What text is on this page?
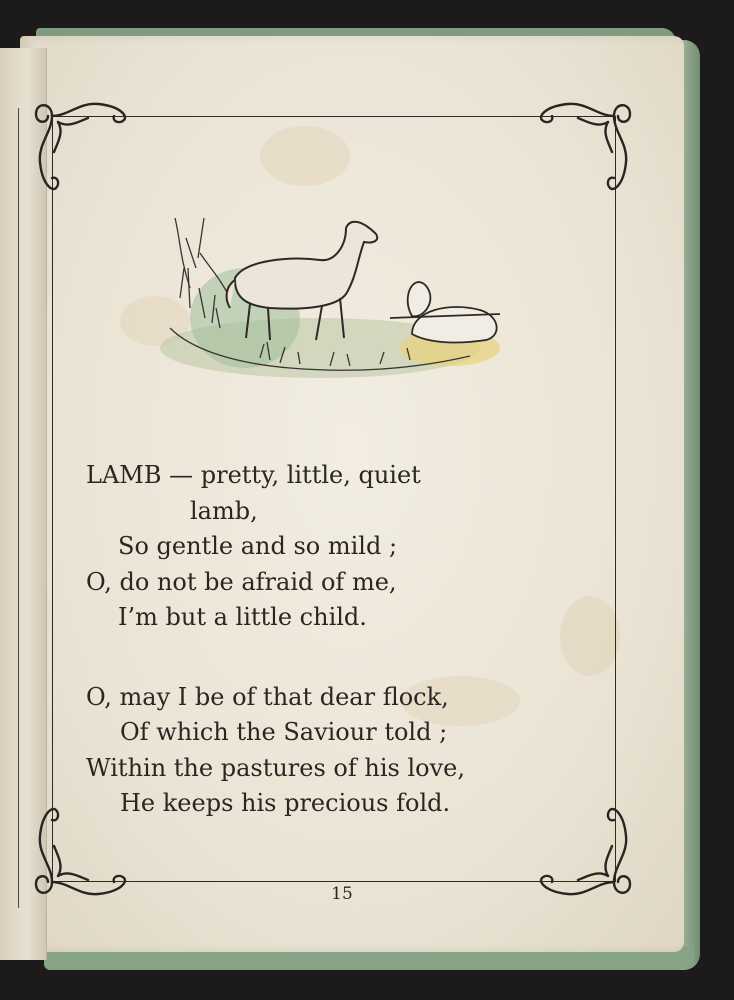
LAMB — pretty, little, quiet
lamb,
So gentle and so mild ;
O, do not be afraid of me,
I’m but a little child.
O, may I be of that dear flock,
Of which the Saviour told ;
Within the pastures of his love,
He keeps his precious fold.
15
